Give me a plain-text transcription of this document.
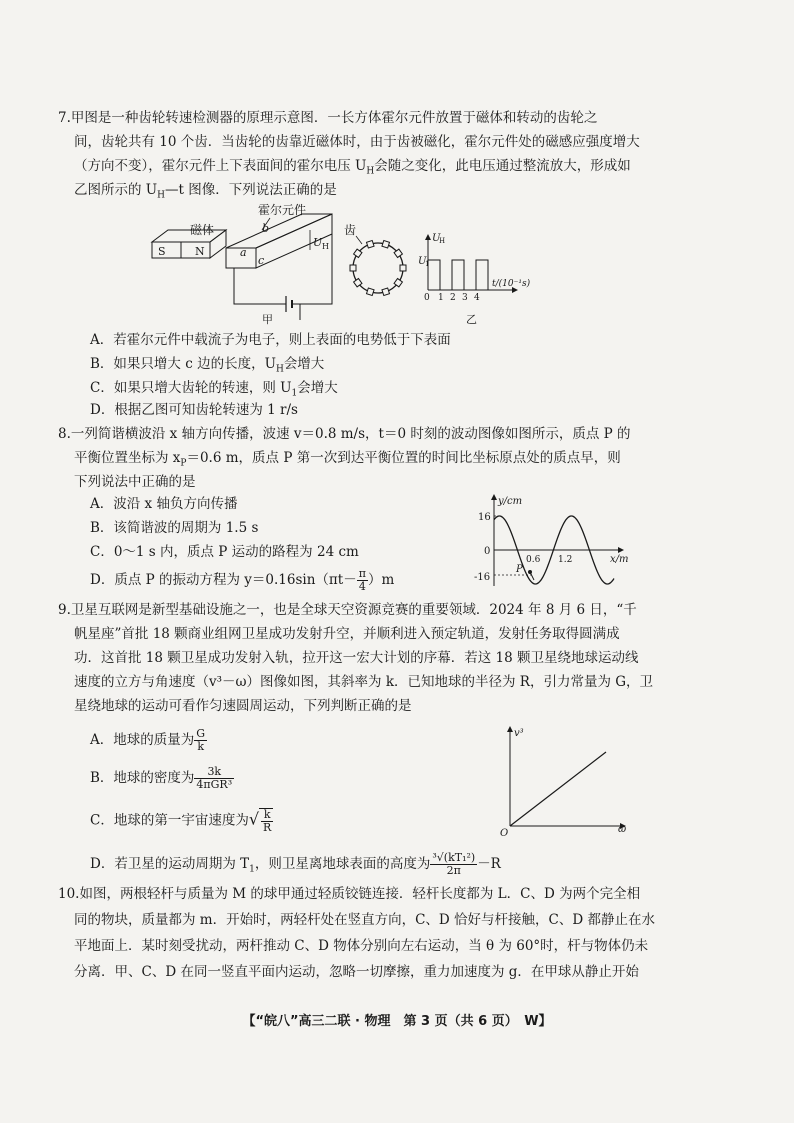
7.甲图是一种齿轮转速检测器的原理示意图．一长方体霍尔元件放置于磁体和转动的齿轮之
间，齿轮共有 10 个齿．当齿轮的齿靠近磁体时，由于齿被磁化，霍尔元件处的磁感应强度增大
（方向不变），霍尔元件上下表面间的霍尔电压 $U_H$会随之变化，此电压通过整流放大，形成如
乙图所示的 $U_H—t$ 图像．下列说法正确的是
霍尔元件
磁体
S	N	a
b
c
U H
齿
U
H
U
1
0 1 2 3 4
t/(10⁻¹s)
甲	乙
A．若霍尔元件中载流子为电子，则上表面的电势低于下表面
B．如果只增大 c 边的长度，$U_H$会增大
C．如果只增大齿轮的转速，则 $U_1$会增大
D．根据乙图可知齿轮转速为 1 r/s
8.一列简谐横波沿 x 轴方向传播，波速 v＝0.8 m/s，t＝0 时刻的波动图像如图所示，质点 P 的
平衡位置坐标为 $x_P=0.6$ m，质点 P 第一次到达平衡位置的时间比坐标原点处的质点早，则
下列说法中正确的是
A．波沿 x 轴负方向传播
B．该简谐波的周期为 1.5 s
C．0～1 s 内，质点 P 运动的路程为 24 cm
D．质点 P 的振动方程为 $y=0.16\sin(\pi t- \frac{\pi}{4} )m$
y/cm
x/m
16
-16
0
0.6 1.2
P
9.卫星互联网是新型基础设施之一，也是全球天空资源竞赛的重要领域．2024 年 8 月 6 日，“千
帆星座”首批 18 颗商业组网卫星成功发射升空，并顺利进入预定轨道，发射任务取得圆满成
功．这首批 18 颗卫星成功发射入轨，拉开这一宏大计划的序幕．若这 18 颗卫星绕地球运动线
速度的立方与角速度（v³－ω）图像如图，其斜率为 k．已知地球的半径为 R，引力常量为 G，卫
星绕地球的运动可看作匀速圆周运动，下列判断正确的是
A．地球的质量为 $\frac{G}{k}$
B．地球的密度为 $\frac{3k}{\text{4πGR³}}$
C．地球的第一宇宙速度为√ $\frac{k}{R}$
D．若卫星的运动周期为 $T_1$，则卫星离地球表面的高度为 $\frac{\text{³√(kT₁²)}}{2\pi} -R$
v³
ω
O
10.如图，两根轻杆与质量为 M 的球甲通过轻质铰链连接．轻杆长度都为 L．C、D 为两个完全相
同的物块，质量都为 m．开始时，两轻杆处在竖直方向，C、D 恰好与杆接触，C、D 都静止在水
平地面上．某时刻受扰动，两杆推动 C、D 物体分别向左右运动，当 θ 为 60°时，杆与物体仍未
分离．甲、C、D 在同一竖直平面内运动，忽略一切摩擦，重力加速度为 g．在甲球从静止开始
【“皖八”高三二联 · 物理　第 3 页（共 6 页）　W】
